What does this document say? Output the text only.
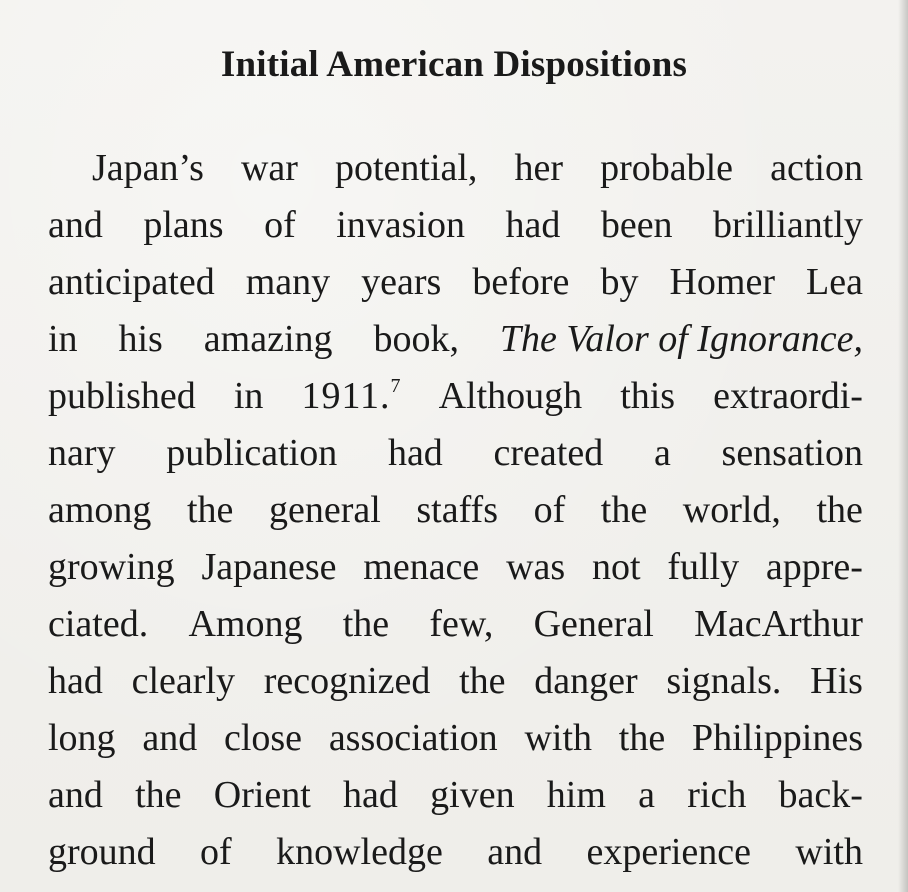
Initial American Dispositions
Japan’s war potential, her probable action
and plans of invasion had been brilliantly
anticipated many years before by Homer Lea
in his amazing book, The Valor of Ignorance,
published in 1911.$^7$ Although this extraordi-
nary publication had created a sensation
among the general staffs of the world, the
growing Japanese menace was not fully appre-
ciated. Among the few, General MacArthur
had clearly recognized the danger signals. His
long and close association with the Philippines
and the Orient had given him a rich back-
ground of knowledge and experience with
